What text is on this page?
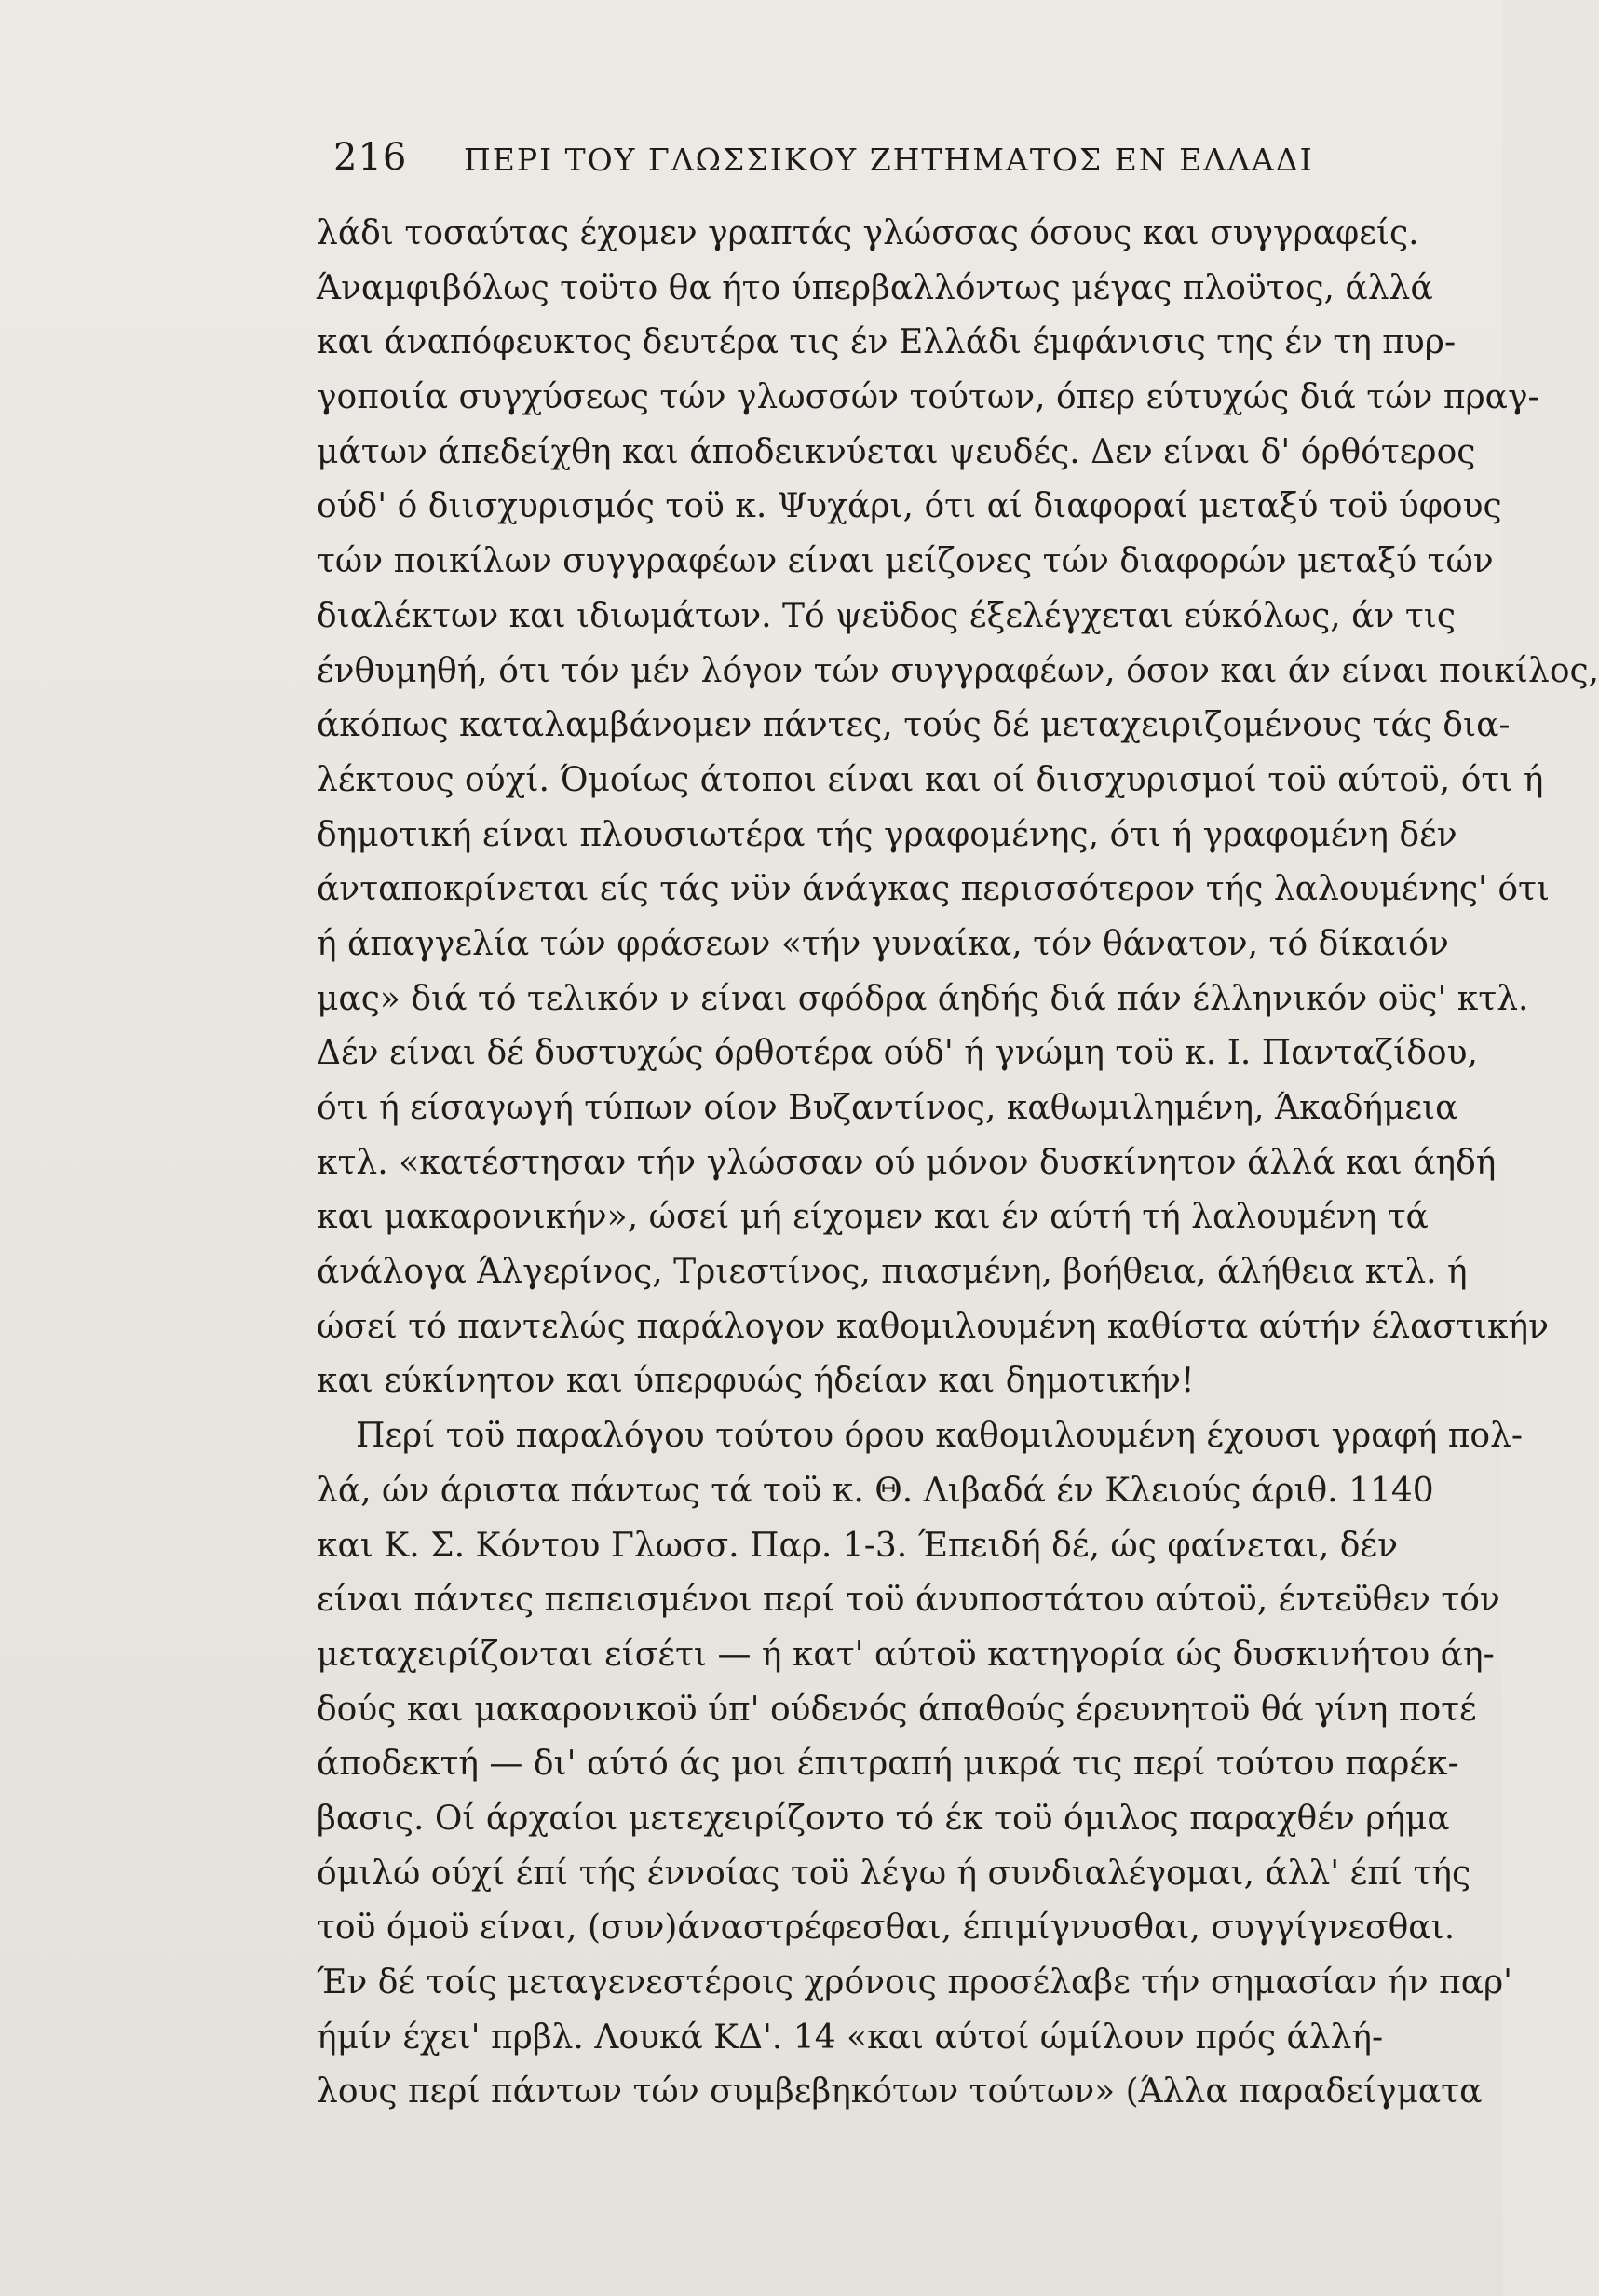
216 ΠΕΡΙ ΤΟΥ ΓΛΩΣΣΙΚΟΥ ΖΗΤΗΜΑΤΟΣ ΕΝ ΕΛΛΑΔΙ
λάδι τοσαύτας έχομεν γραπτάς γλώσσας όσους και συγγραφείς.
Άναμφιβόλως τοϋτο θα ήτο ύπερβαλλόντως μέγας πλοϋτος, άλλά
και άναπόφευκτος δευτέρα τις έν Ελλάδι έμφάνισις της έν τη πυρ-
γοποιία συγχύσεως τών γλωσσών τούτων, όπερ εύτυχώς διά τών πραγ-
μάτων άπεδείχθη και άποδεικνύεται ψευδές. Δεν είναι δ' όρθότερος
ούδ' ό διισχυρισμός τοϋ κ. Ψυχάρι, ότι αί διαφοραί μεταξύ τοϋ ύφους
τών ποικίλων συγγραφέων είναι μείζονες τών διαφορών μεταξύ τών
διαλέκτων και ιδιωμάτων. Τό ψεϋδος έξελέγχεται εύκόλως, άν τις
ένθυμηθή, ότι τόν μέν λόγον τών συγγραφέων, όσον και άν είναι ποικίλος,
άκόπως καταλαμβάνομεν πάντες, τούς δέ μεταχειριζομένους τάς δια-
λέκτους ούχί. Όμοίως άτοποι είναι και οί διισχυρισμοί τοϋ αύτοϋ, ότι ή
δημοτική είναι πλουσιωτέρα τής γραφομένης, ότι ή γραφομένη δέν
άνταποκρίνεται είς τάς νϋν άνάγκας περισσότερον τής λαλουμένης' ότι
ή άπαγγελία τών φράσεων «τήν γυναίκα, τόν θάνατον, τό δίκαιόν
μας» διά τό τελικόν ν είναι σφόδρα άηδής διά πάν έλληνικόν οϋς' κτλ.
Δέν είναι δέ δυστυχώς όρθοτέρα ούδ' ή γνώμη τοϋ κ. Ι. Πανταζίδου,
ότι ή είσαγωγή τύπων οίον Βυζαντίνος, καθωμιλημένη, Άκαδήμεια
κτλ. «κατέστησαν τήν γλώσσαν ού μόνον δυσκίνητον άλλά και άηδή
και μακαρονικήν», ώσεί μή είχομεν και έν αύτή τή λαλουμένη τά
άνάλογα Άλγερίνος, Τριεστίνος, πιασμένη, βοήθεια, άλήθεια κτλ. ή
ώσεί τό παντελώς παράλογον καθομιλουμένη καθίστα αύτήν έλαστικήν
και εύκίνητον και ύπερφυώς ήδείαν και δημοτικήν!
Περί τοϋ παραλόγου τούτου όρου καθομιλουμένη έχουσι γραφή πολ-
λά, ών άριστα πάντως τά τοϋ κ. Θ. Λιβαδά έν Κλειούς άριθ. 1140
και Κ. Σ. Κόντου Γλωσσ. Παρ. 1-3. Έπειδή δέ, ώς φαίνεται, δέν
είναι πάντες πεπεισμένοι περί τοϋ άνυποστάτου αύτοϋ, έντεϋθεν τόν
μεταχειρίζονται είσέτι — ή κατ' αύτοϋ κατηγορία ώς δυσκινήτου άη-
δούς και μακαρονικοϋ ύπ' ούδενός άπαθούς έρευνητοϋ θά γίνη ποτέ
άποδεκτή — δι' αύτό άς μοι έπιτραπή μικρά τις περί τούτου παρέκ-
βασις. Οί άρχαίοι μετεχειρίζοντο τό έκ τοϋ όμιλος παραχθέν ρήμα
όμιλώ ούχί έπί τής έννοίας τοϋ λέγω ή συνδιαλέγομαι, άλλ' έπί τής
τοϋ όμοϋ είναι, (συν)άναστρέφεσθαι, έπιμίγνυσθαι, συγγίγνεσθαι.
Έν δέ τοίς μεταγενεστέροις χρόνοις προσέλαβε τήν σημασίαν ήν παρ'
ήμίν έχει' πρβλ. Λουκά ΚΔ'. 14 «και αύτοί ώμίλουν πρός άλλή-
λους περί πάντων τών συμβεβηκότων τούτων» (Άλλα παραδείγματα
